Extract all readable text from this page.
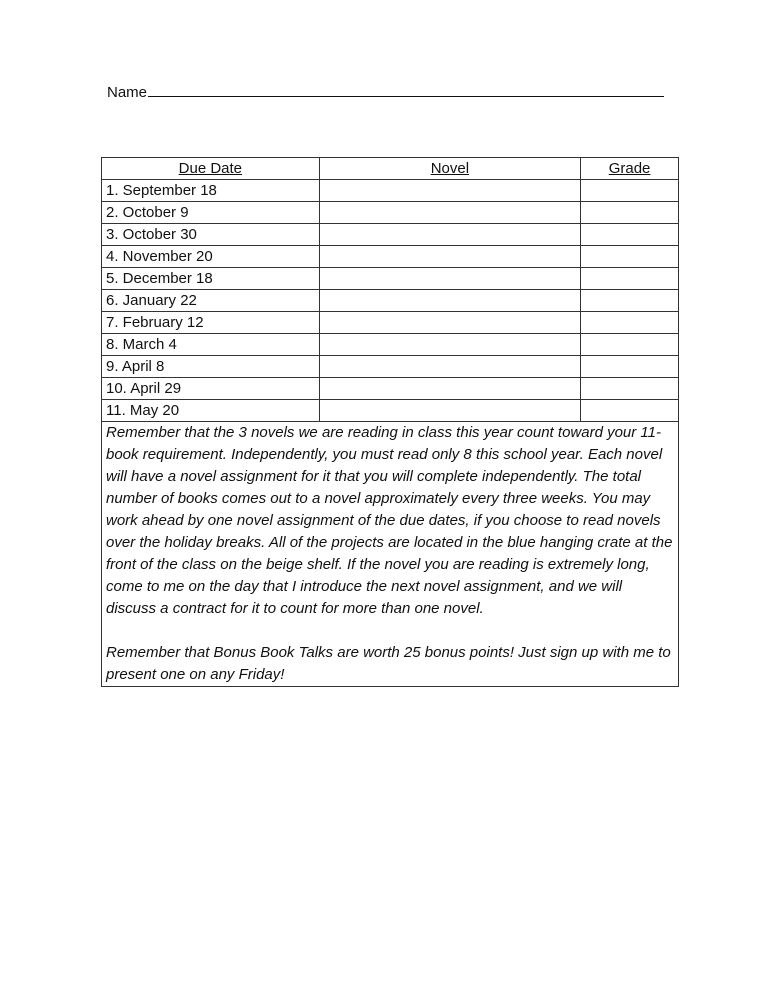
Name
Due Date	Novel	Grade
1. September 18		
2. October 9		
3. October 30		
4. November 20		
5. December 18		
6. January 22		
7. February 12		
8. March 4		
9. April 8		
10. April 29		
11. May 20		

Remember that the 3 novels we are reading in class this year count toward your 11-book requirement. Independently, you must read only 8 this school year. Each novel will have a novel assignment for it that you will complete independently. The total number of books comes out to a novel approximately every three weeks. You may work ahead by one novel assignment of the due dates, if you choose to read novels over the holiday breaks. All of the projects are located in the blue hanging crate at the front of the class on the beige shelf. If the novel you are reading is extremely long, come to me on the day that I introduce the next novel assignment, and we will discuss a contract for it to count for more than one novel.

Remember that Bonus Book Talks are worth 25 bonus points! Just sign up with me to present one on any Friday!		
